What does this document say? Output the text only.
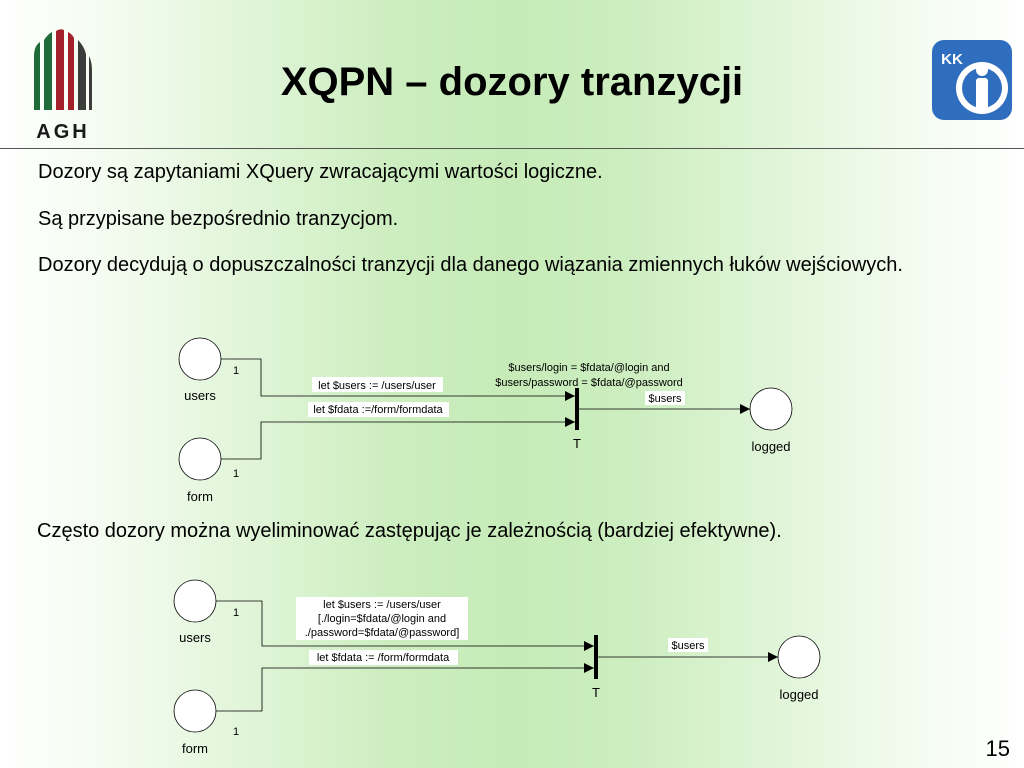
AGH
KK
XQPN – dozory tranzycji
Dozory są zapytaniami XQuery zwracającymi wartości logiczne.
Są przypisane bezpośrednio tranzycjom.
Dozory decydują o dopuszczalności tranzycji dla danego wiązania zmiennych łuków wejściowych.
Często dozory można wyeliminować zastępując je zależnością (bardziej efektywne).
let $users := /users/user
let $fdata :=/form/formdata
$users
$users/login = $fdata/@login and
$users/password = $fdata/@password
1
1
users
form
T	logged
let $users := /users/user
[./login=$fdata/@login and
./password=$fdata/@password]
let $fdata := /form/formdata
$users
1
1
users
form
T	logged
15
